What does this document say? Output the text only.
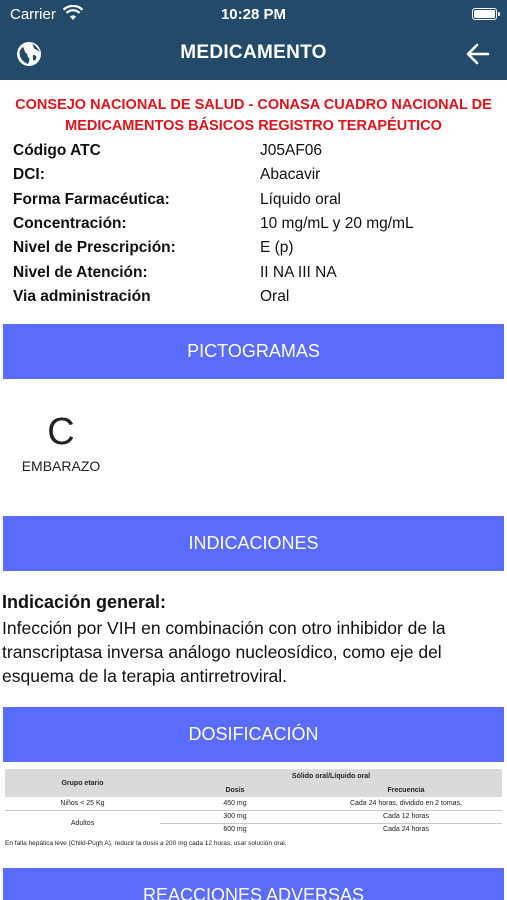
Carrier	10:28 PM
MEDICAMENTO
CONSEJO NACIONAL DE SALUD - CONASA CUADRO NACIONAL DE MEDICAMENTOS BÁSICOS REGISTRO TERAPÉUTICO
Código ATC	J05AF06
DCI:	Abacavir
Forma Farmacéutica:	Líquido oral
Concentración:	10 mg/mL y 20 mg/mL
Nivel de Prescripción:	E (p)
Nivel de Atención:	II NA III NA
Via administración	Oral
PICTOGRAMAS
C
EMBARAZO
INDICACIONES
Indicación general:
Infección por VIH en combinación con otro inhibidor de la transcriptasa inversa análogo nucleosídico, como eje del esquema de la terapia antirretroviral.
DOSIFICACIÓN
Grupo etario	Sólido oral/Líquido oral	
	Dosis	Frecuencia
Niños < 25 Kg	450 mg	Cada 24 horas, dividido en 2 tomas.
Adultos	300 mg	Cada 12 horas
	600 mg	Cada 24 horas
En falla hepática leve (Child-Pugh A), reducir la dosis a 200 mg cada 12 horas, usar solución oral.
REACCIONES ADVERSAS
